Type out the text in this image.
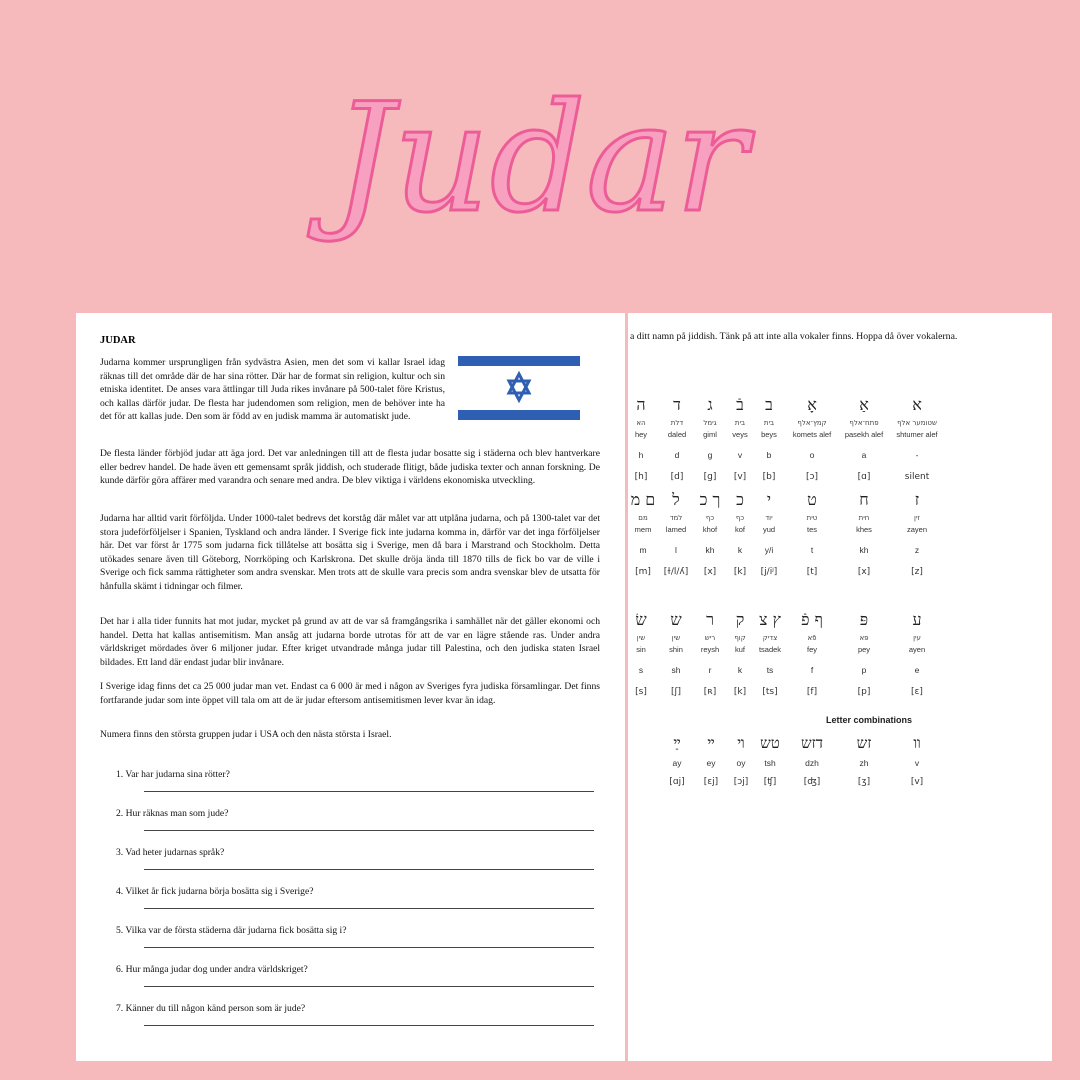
Judar
JUDAR
Judarna kommer ursprungligen från sydvästra Asien, men det som vi kallar Israel idag räknas till det område där de har sina rötter. Där har de format sin religion, kultur och sin etniska identitet. De anses vara ättlingar till Juda rikes invånare på 500-talet före Kristus, och kallas därför judar. De flesta har judendomen som religion, men de behöver inte ha det för att kallas jude. Den som är född av en judisk mamma är automatiskt jude.
De flesta länder förbjöd judar att äga jord. Det var anledningen till att de flesta judar bosatte sig i städerna och blev hantverkare eller bedrev handel. De hade även ett gemensamt språk jiddish, och studerade flitigt, både judiska texter och annan forskning. De kunde därför göra affärer med varandra och senare med andra. De blev viktiga i världens ekonomiska utveckling.
Judarna har alltid varit förföljda. Under 1000-talet bedrevs det korståg där målet var att utplåna judarna, och på 1300-talet var det stora judeförföljelser i Spanien, Tyskland och andra länder. I Sverige fick inte judarna komma in, därför var det inga förföljelser här. Det var först år 1775 som judarna fick tillåtelse att bosätta sig i Sverige, men då bara i Marstrand och Stockholm. Detta utökades senare även till Göteborg, Norrköping och Karlskrona. Det skulle dröja ända till 1870 tills de fick bo var de ville i Sverige och fick samma rättigheter som andra svenskar. Men trots att de skulle vara precis som andra svenskar blev de utsatta för hånfulla skämt i tidningar och filmer.
Det har i alla tider funnits hat mot judar, mycket på grund av att de var så framgångsrika i samhället när det gäller ekonomi och handel. Detta hat kallas antisemitism. Man ansåg att judarna borde utrotas för att de var en lägre stående ras. Under andra världskriget mördades över 6 miljoner judar. Efter kriget utvandrade många judar till Palestina, och den judiska staten Israel bildades. Ett land där endast judar blir invånare.
I Sverige idag finns det ca 25 000 judar man vet. Endast ca 6 000 är med i någon av Sveriges fyra judiska församlingar. Det finns fortfarande judar som inte öppet vill tala om att de är judar eftersom antisemitismen lever kvar än idag.
Numera finns den största gruppen judar i USA och den nästa största i Israel.
1. Var har judarna sina rötter?
2. Hur räknas man som jude?
3. Vad heter judarnas språk?
4. Vilket år fick judarna börja bosätta sig i Sverige?
5. Vilka var de första städerna där judarna fick bosätta sig i?
6. Hur många judar dog under andra världskriget?
7. Känner du till någon känd person som är jude?
a ditt namn på jiddish. Tänk på att inte alla vokaler finns. Hoppa då över vokalerna.
ה
הא
hey
h
[h]
ד
דלת
daled
d
[d]
ג
גימל
giml
g
[g]
בֿ
בית
veys
v
[v]
ב
בית
beys
b
[b]
אָ
קמץ־אלף
komets alef
o
[ɔ]
אַ
פתח־אלף
pasekh alef
a
[ɑ]
א
שטומער אלף
shtumer alef
-
silent
ם מ
מם
mem
m
[m]
ל
למד
lamed
l
[ɫ/l/ʎ]
ך כ
כף
khof
kh
[x]
כ
כף
kof
k
[k]
י
יוד
yud
y/i
[j/iʲ]
ט
טית
tes
t
[t]
ח
חית
khes
kh
[x]
ז
זין
zayen
z
[z]
שׂ
שין
sin
s
[s]
ש
שין
shin
sh
[ʃ]
ר
ריש
reysh
r
[ʀ]
ק
קוף
kuf
k
[k]
ץ צ
צדיק
tsadek
ts
[ts]
ף פֿ
פֿא
fey
f
[f]
פּ
פּא
pey
p
[p]
ע
עין
ayen
e
[ɛ]
Letter combinations
ײַ
ay
[ɑj]
ײ
ey
[ɛj]
ױ
oy
[ɔj]
טש
tsh
[ʧ]
דזש
dzh
[ʤ]
זש
zh
[ʒ]
װ
v
[v]
